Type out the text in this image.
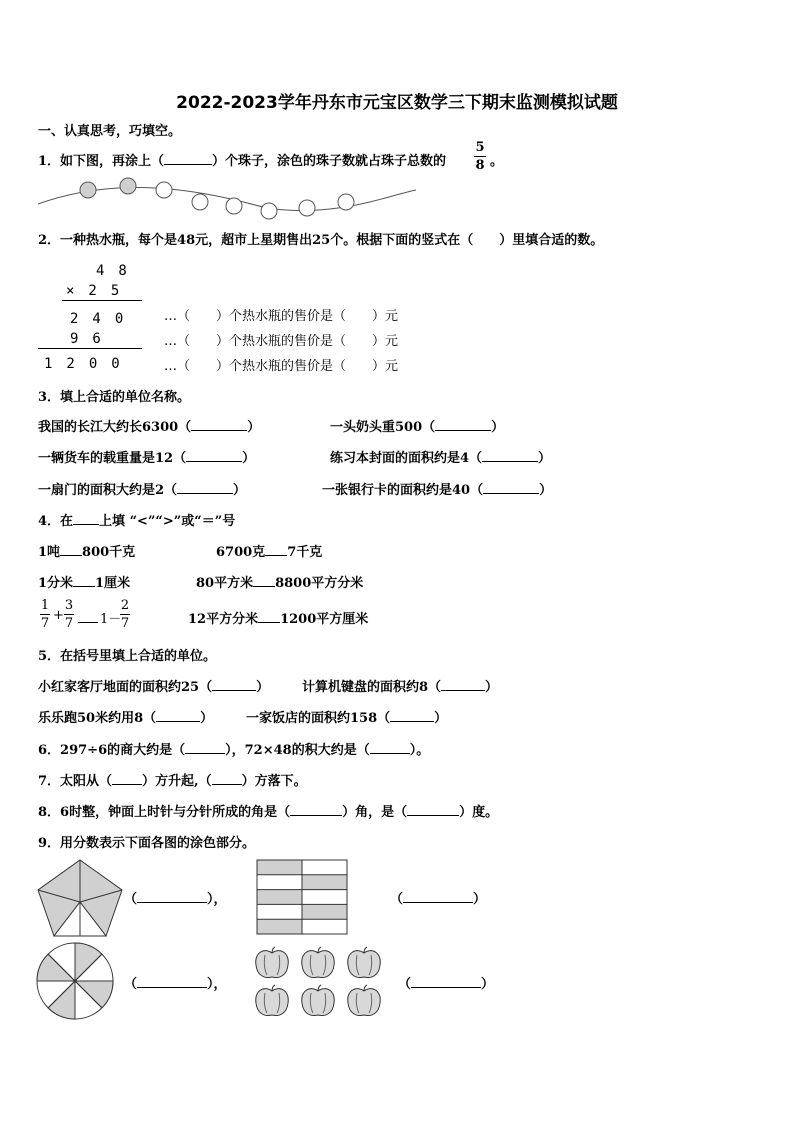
2022-2023学年丹东市元宝区数学三下期末监测模拟试题
一、认真思考，巧填空。
1．如下图，再涂上（	）个珠子，涂色的珠子数就占珠子总数的
5
8 。
2．一种热水瓶，每个是48元，超市上星期售出25个。根据下面的竖式在（　　）里填合适的数。
4　8
×　2　5
2　4　0
9　6
1　2　0　0
…（　　）个热水瓶的售价是（　　）元
…（　　）个热水瓶的售价是（　　）元
…（　　）个热水瓶的售价是（　　）元
3．填上合适的单位名称。
我国的长江大约长6300（	）	一头奶头重500（	）
一辆货车的载重量是12（	）	练习本封面的面积约是4（	）
一扇门的面积大约是2（	）	一张银行卡的面积约是40（	）
4．在 上填 “<”“>”或“＝”号
1吨 800千克	6700克 7千克
1分米 1厘米	80平方米 8800平方分米
1
7
+
3
7 1－
2
7	12平方分米 1200平方厘米
5．在括号里填上合适的单位。
小红家客厅地面的面积约25（	）	计算机键盘的面积约8（	）
乐乐跑50米约用8（	）	一家饭店的面积约158（	）
6．297÷6的商大约是（	），72×48的积大约是（	）。
7．太阳从（ ）方升起,（ ）方落下。
8．6时整，钟面上时针与分针所成的角是（	）角，是（	）度。
9．用分数表示下面各图的涂色部分。
（	），	（	）
（	），	（	）
